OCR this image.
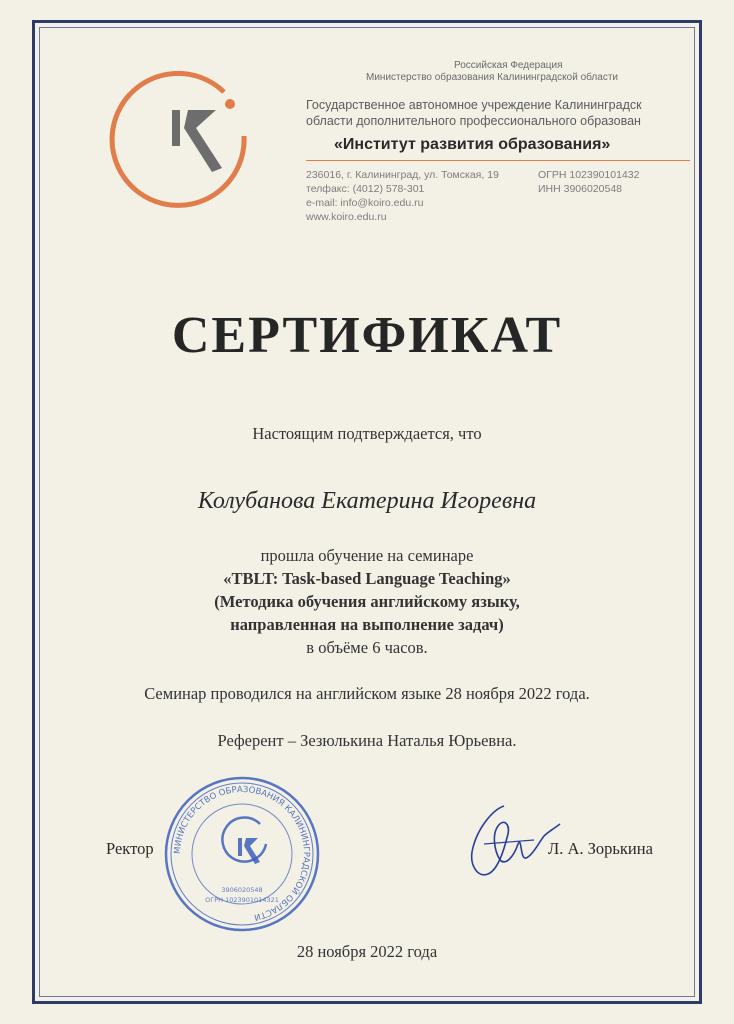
Российская Федерация
Министерство образования Калининградской области
Государственное автономное учреждение Калининградск
области дополнительного профессионального образован
«Институт развития образования»
236016, г. Калининград, ул. Томская, 19
телфакс: (4012) 578-301
e-mail: info@koiro.edu.ru
www.koiro.edu.ru
ОГРН 102390101432
ИНН 3906020548
СЕРТИФИКАТ
Настоящим подтверждается, что
Колубанова Екатерина Игоревна
прошла обучение на семинаре
«TBLT: Task-based Language Teaching»
(Методика обучения английскому языку,
направленная на выполнение задач)
в объёме 6 часов.
Семинар проводился на английском языке 28 ноября 2022 года.
Референт – Зезюлькина Наталья Юрьевна.
Ректор МИНИСТЕРСТВО ОБРАЗОВАНИЯ КАЛИНИНГРАДСКОЙ ОБЛАСТИ
3906020548
ОГРН 1023901014321
Л. А. Зорькина
28 ноября 2022 года
